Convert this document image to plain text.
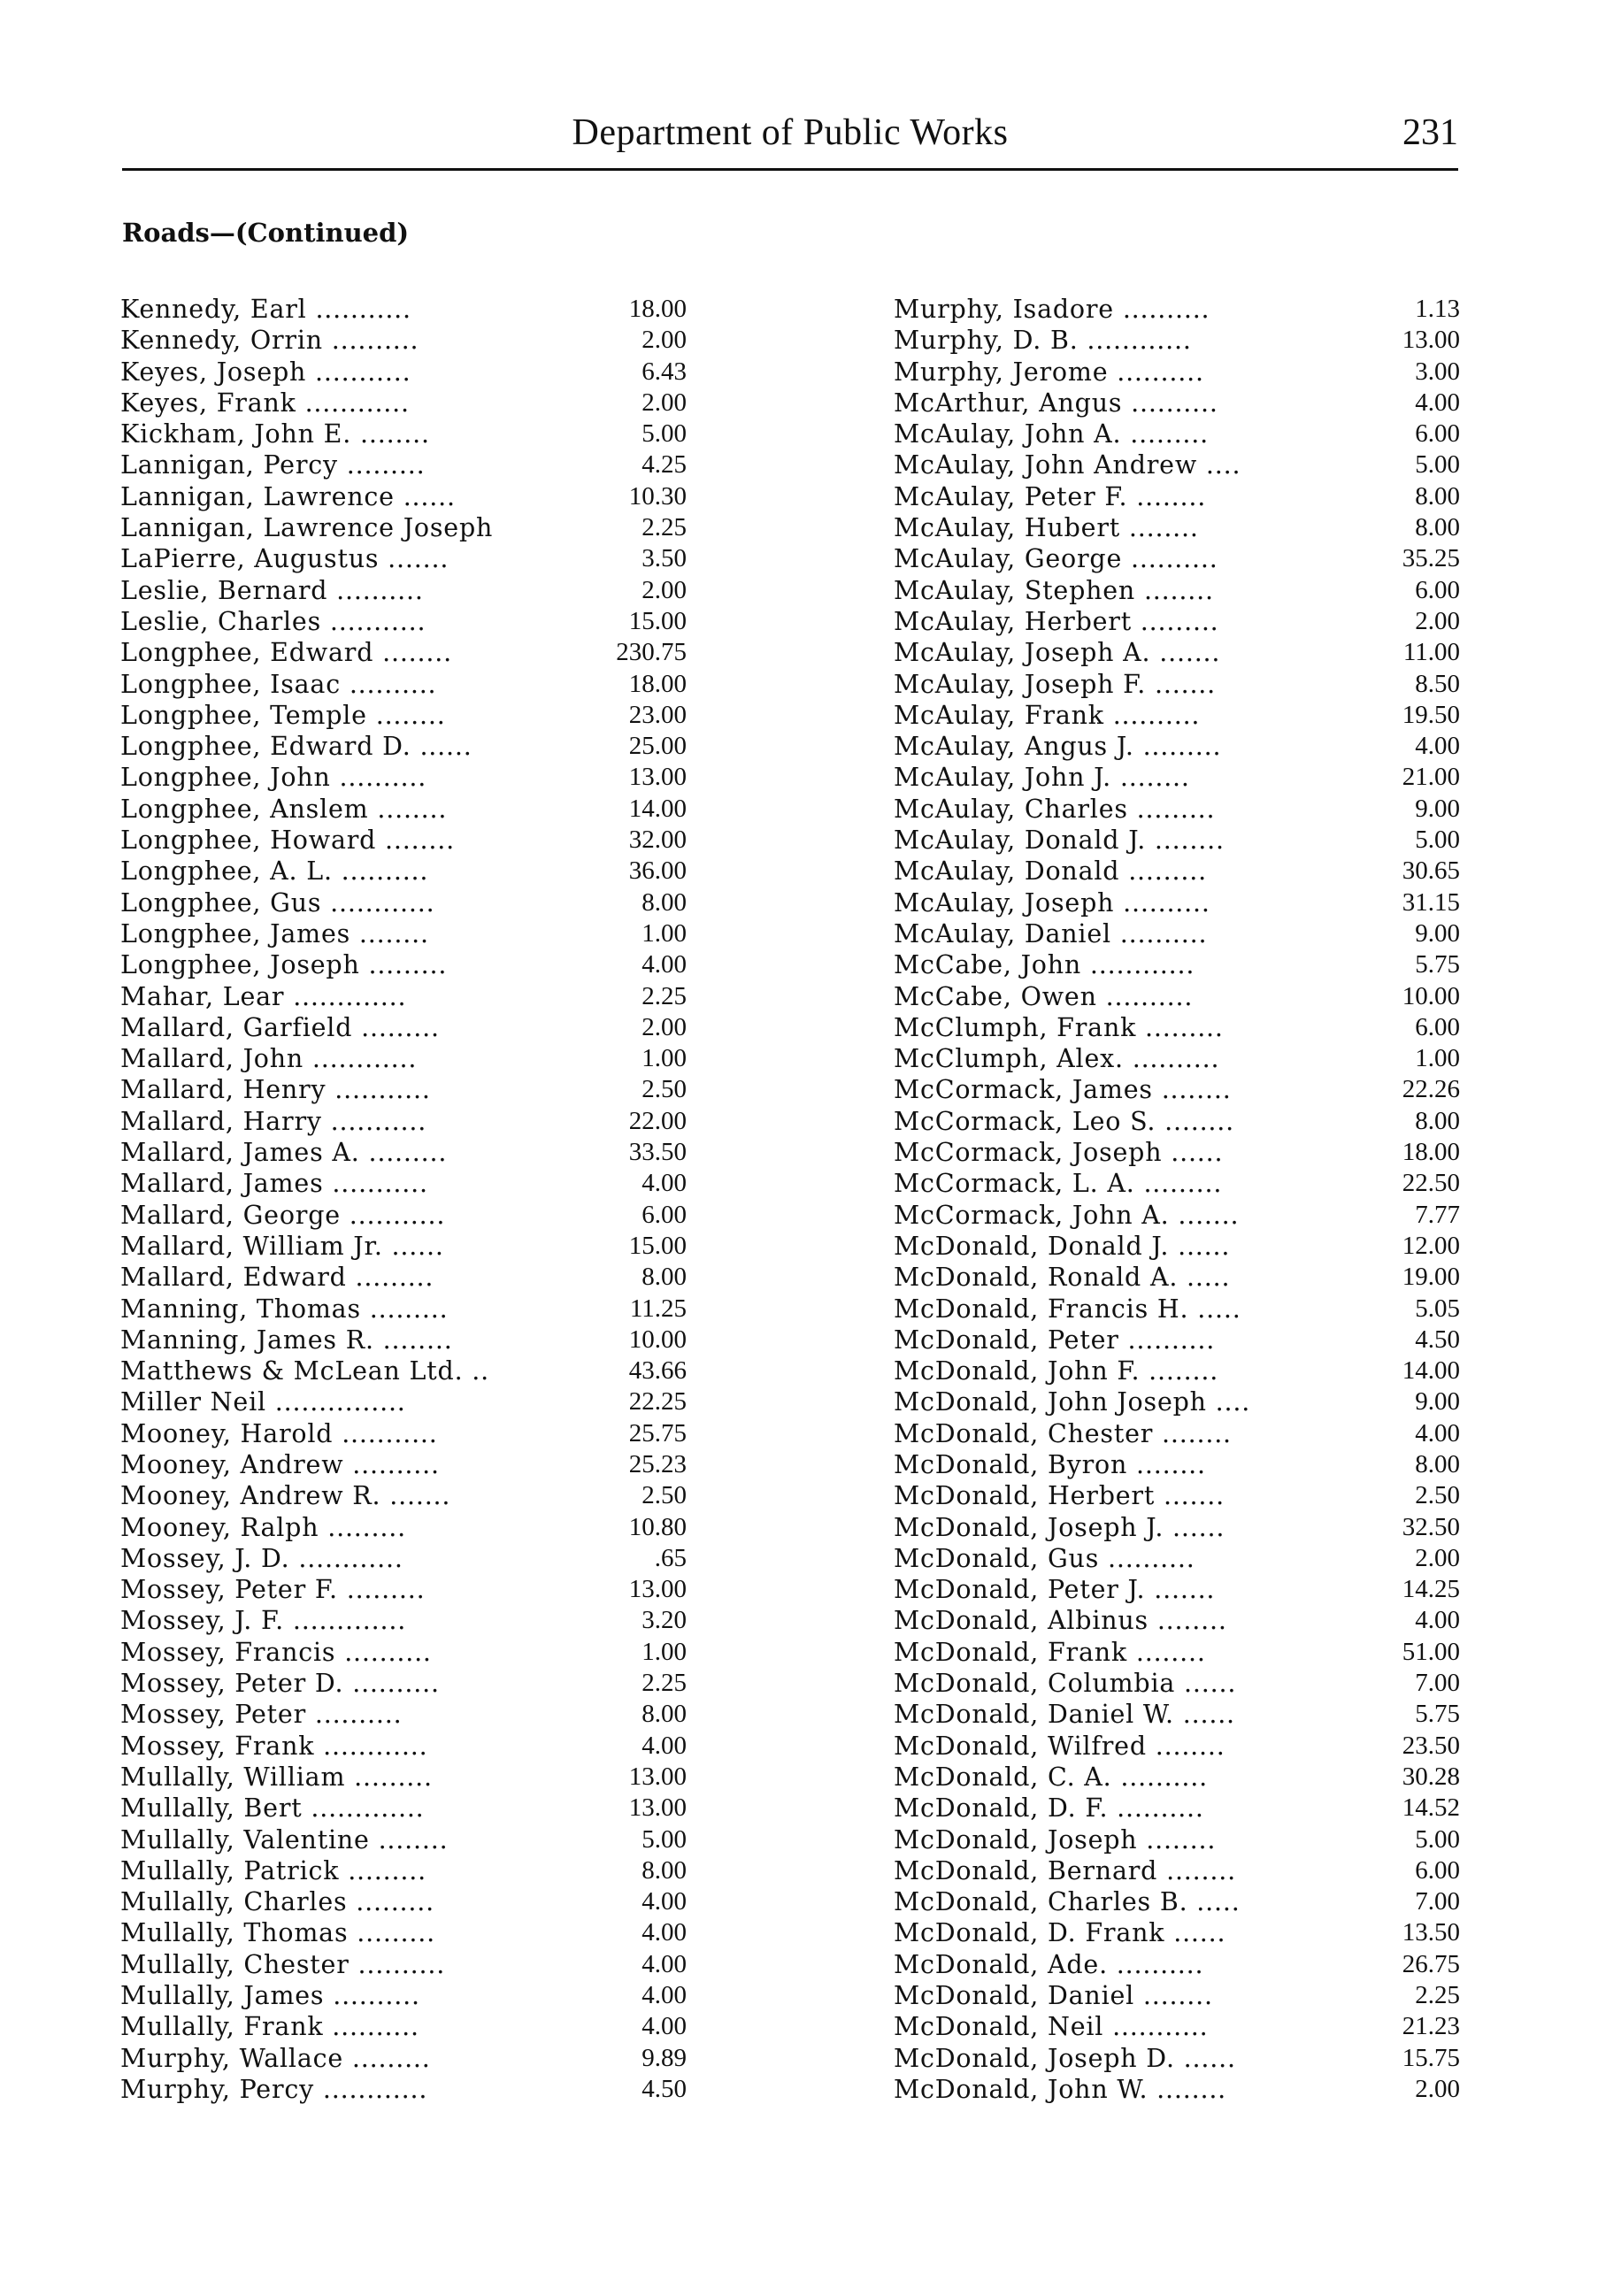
Department of Public Works	231
Roads—(Continued)
Kennedy, Earl ...........	18.00
Kennedy, Orrin ..........	2.00
Keyes, Joseph ...........	6.43
Keyes, Frank ............	2.00
Kickham, John E. ........	5.00
Lannigan, Percy .........	4.25
Lannigan, Lawrence ......	10.30
Lannigan, Lawrence Joseph	2.25
LaPierre, Augustus .......	3.50
Leslie, Bernard ..........	2.00
Leslie, Charles ...........	15.00
Longphee, Edward ........	230.75
Longphee, Isaac ..........	18.00
Longphee, Temple ........	23.00
Longphee, Edward D. ......	25.00
Longphee, John ..........	13.00
Longphee, Anslem ........	14.00
Longphee, Howard ........	32.00
Longphee, A. L. ..........	36.00
Longphee, Gus ............	8.00
Longphee, James ........	1.00
Longphee, Joseph .........	4.00
Mahar, Lear .............	2.25
Mallard, Garfield .........	2.00
Mallard, John ............	1.00
Mallard, Henry ...........	2.50
Mallard, Harry ...........	22.00
Mallard, James A. .........	33.50
Mallard, James ...........	4.00
Mallard, George ...........	6.00
Mallard, William Jr. ......	15.00
Mallard, Edward .........	8.00
Manning, Thomas .........	11.25
Manning, James R. ........	10.00
Matthews & McLean Ltd. ..	43.66
Miller Neil ...............	22.25
Mooney, Harold ...........	25.75
Mooney, Andrew ..........	25.23
Mooney, Andrew R. .......	2.50
Mooney, Ralph .........	10.80
Mossey, J. D. ............	.65
Mossey, Peter F. .........	13.00
Mossey, J. F. .............	3.20
Mossey, Francis ..........	1.00
Mossey, Peter D. ..........	2.25
Mossey, Peter ..........	8.00
Mossey, Frank ............	4.00
Mullally, William .........	13.00
Mullally, Bert .............	13.00
Mullally, Valentine ........	5.00
Mullally, Patrick .........	8.00
Mullally, Charles .........	4.00
Mullally, Thomas .........	4.00
Mullally, Chester ..........	4.00
Mullally, James ..........	4.00
Mullally, Frank ..........	4.00
Murphy, Wallace .........	9.89
Murphy, Percy ............	4.50
Murphy, Isadore ..........	1.13
Murphy, D. B. ............	13.00
Murphy, Jerome ..........	3.00
McArthur, Angus ..........	4.00
McAulay, John A. .........	6.00
McAulay, John Andrew ....	5.00
McAulay, Peter F. ........	8.00
McAulay, Hubert ........	8.00
McAulay, George ..........	35.25
McAulay, Stephen ........	6.00
McAulay, Herbert .........	2.00
McAulay, Joseph A. .......	11.00
McAulay, Joseph F. .......	8.50
McAulay, Frank ..........	19.50
McAulay, Angus J. .........	4.00
McAulay, John J. ........	21.00
McAulay, Charles .........	9.00
McAulay, Donald J. ........	5.00
McAulay, Donald .........	30.65
McAulay, Joseph ..........	31.15
McAulay, Daniel ..........	9.00
McCabe, John ............	5.75
McCabe, Owen ..........	10.00
McClumph, Frank .........	6.00
McClumph, Alex. ..........	1.00
McCormack, James ........	22.26
McCormack, Leo S. ........	8.00
McCormack, Joseph ......	18.00
McCormack, L. A. .........	22.50
McCormack, John A. .......	7.77
McDonald, Donald J. ......	12.00
McDonald, Ronald A. .....	19.00
McDonald, Francis H. .....	5.05
McDonald, Peter ..........	4.50
McDonald, John F. ........	14.00
McDonald, John Joseph ....	9.00
McDonald, Chester ........	4.00
McDonald, Byron ........	8.00
McDonald, Herbert .......	2.50
McDonald, Joseph J. ......	32.50
McDonald, Gus ..........	2.00
McDonald, Peter J. .......	14.25
McDonald, Albinus ........	4.00
McDonald, Frank ........	51.00
McDonald, Columbia ......	7.00
McDonald, Daniel W. ......	5.75
McDonald, Wilfred ........	23.50
McDonald, C. A. ..........	30.28
McDonald, D. F. ..........	14.52
McDonald, Joseph ........	5.00
McDonald, Bernard ........	6.00
McDonald, Charles B. .....	7.00
McDonald, D. Frank ......	13.50
McDonald, Ade. ..........	26.75
McDonald, Daniel ........	2.25
McDonald, Neil ...........	21.23
McDonald, Joseph D. ......	15.75
McDonald, John W. ........	2.00
